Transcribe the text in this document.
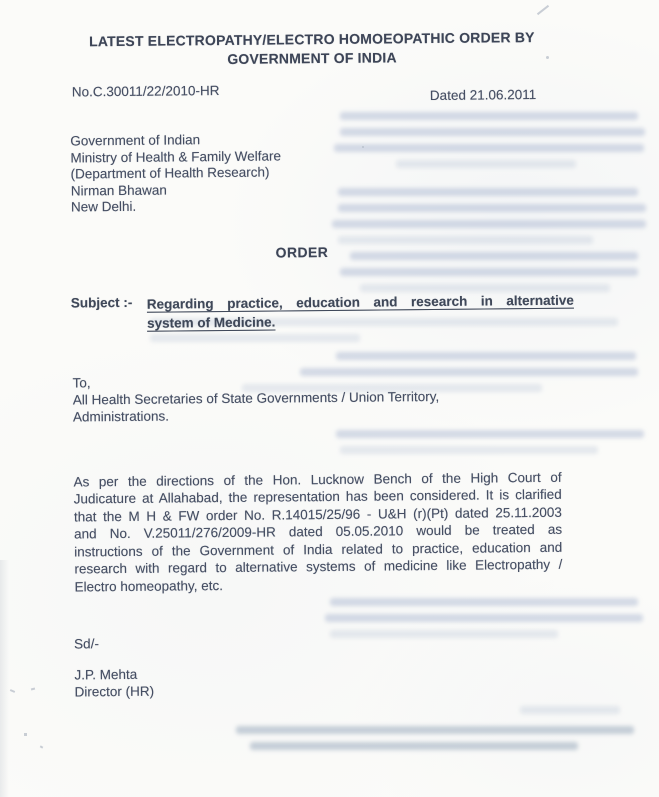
LATEST ELECTROPATHY/ELECTRO HOMOEOPATHIC ORDER BY
GOVERNMENT OF INDIA
No.C.30011/22/2010-HR	Dated 21.06.2011
Government of Indian
Ministry of Health & Family Welfare
(Department of Health Research)
Nirman Bhawan
New Delhi.
ORDER
Subject :- Regarding practice, education and research in alternative
system of Medicine.
To,
All Health Secretaries of State Governments / Union Territory,
Administrations.
As per the directions of the Hon. Lucknow Bench of the High Court of
Judicature at Allahabad, the representation has been considered. It is clarified
that the M H & FW order No. R.14015/25/96 - U&H (r)(Pt) dated 25.11.2003
and No. V.25011/276/2009-HR dated 05.05.2010 would be treated as
instructions of the Government of India related to practice, education and
research with regard to alternative systems of medicine like Electropathy /
Electro homeopathy, etc.
Sd/-
J.P. Mehta
Director (HR)
